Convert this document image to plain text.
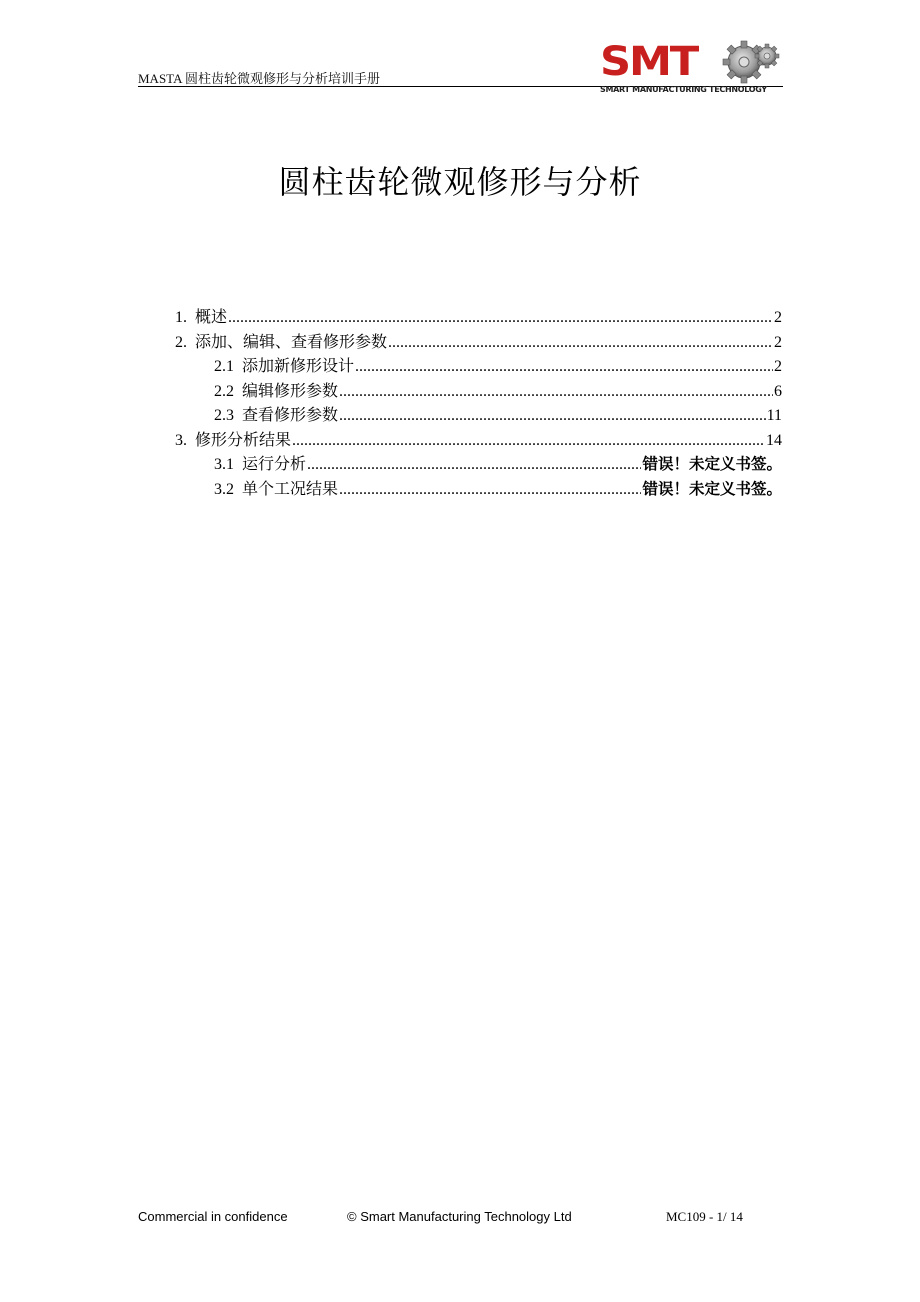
MASTA 圆柱齿轮微观修形与分析培训手册	SMT
SMART MANUFACTURING TECHNOLOGY
圆柱齿轮微观修形与分析
1. 概述 .....	2
2. 添加、编辑、查看修形参数 .....	2
2.1 添加新修形设计 .....	2
2.2 编辑修形参数 .....	6
2.3 查看修形参数 .....	11
3. 修形分析结果 .....	14
3.1 运行分析 .....	错误！未定义书签。
3.2 单个工况结果 .....	错误！未定义书签。
Commercial in confidence	© Smart Manufacturing Technology Ltd	MC109 - 1/ 14
